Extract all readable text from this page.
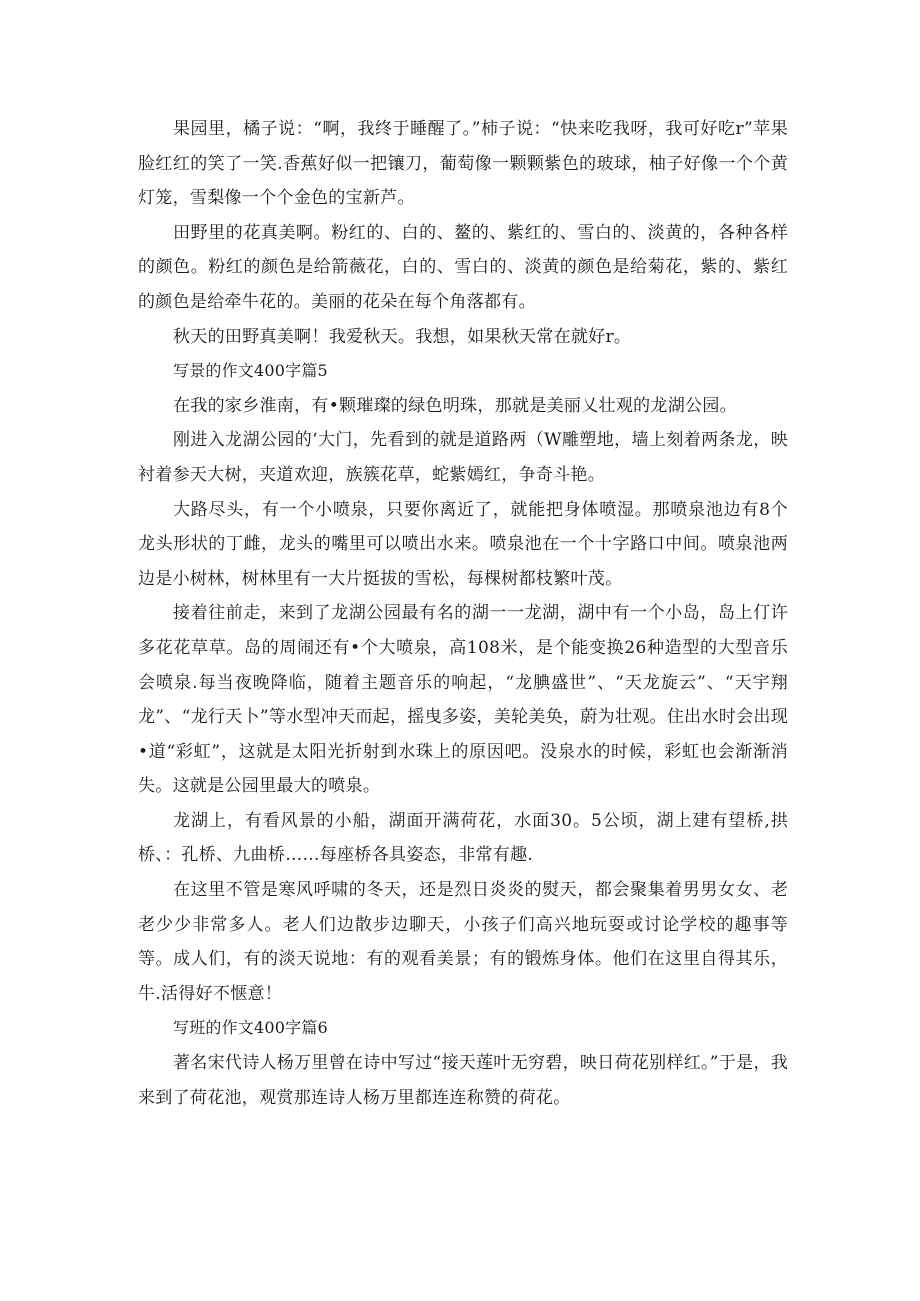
果园里，橘子说：“啊，我终于睡醒了。”柿子说：“快来吃我呀，我可好吃r”苹果脸红红的笑了一笑.香蕉好似一把镶刀，葡萄像一颗颗紫色的玻球，柚子好像一个个黄灯笼，雪梨像一个个金色的宝新芦。

田野里的花真美啊。粉红的、白的、鳌的、紫红的、雪白的、淡黄的，各种各样的颜色。粉红的颜色是给箭薇花，白的、雪白的、淡黄的颜色是给菊花，紫的、紫红的颜色是给牵牛花的。美丽的花朵在每个角落都有。

秋天的田野真美啊！我爱秋天。我想，如果秋天常在就好r。

写景的作文400字篇5

在我的家乡淮南，有•颗璀璨的绿色明珠，那就是美丽乂壮观的龙湖公园。

刚进入龙湖公园的‘大门，先看到的就是道路两（W雕塑地，墙上刻着两条龙，映衬着参天大树，夹道欢迎，族簇花草，蛇紫嫣红，争奇斗艳。

大路尽头，有一个小喷泉，只要你离近了，就能把身体喷湿。那喷泉池边有8个龙头形状的丁雌，龙头的嘴里可以喷出水来。喷泉池在一个十字路口中间。喷泉池两边是小树林，树林里有一大片挺拔的雪松，每棵树都枝繁叶茂。

接着往前走，来到了龙湖公园最有名的湖一一龙湖，湖中有一个小岛，岛上仃许多花花草草。岛的周闹还有•个大喷泉，高108米，是个能变换26种造型的大型音乐会喷泉.每当夜晚降临，随着主题音乐的响起，“龙腆盛世”、“天龙旋云”、“天宇翔龙”、“龙行天卜”等水型冲天而起，摇曳多姿，美轮美奂，蔚为壮观。住出水时会出现•道“彩虹”，这就是太阳光折射到水珠上的原因吧。没泉水的时候，彩虹也会渐渐消失。这就是公园里最大的喷泉。

龙湖上，有看风景的小船，湖面开满荷花，水面30。5公顷，湖上建有望桥,拱桥、：孔桥、九曲桥……每座桥各具姿态，非常有趣.

在这里不管是寒风呼啸的冬天，还是烈日炎炎的熨天，都会聚集着男男女女、老老少少非常多人。老人们边散步边聊天，小孩子们高兴地玩耍或讨论学校的趣事等等。成人们，有的淡天说地：有的观看美景；有的锻炼身体。他们在这里自得其乐，牛.活得好不惬意！

写班的作文400字篇6

著名宋代诗人杨万里曾在诗中写过“接天莲叶无穷碧，映日荷花别样红。”于是，我来到了荷花池，观赏那连诗人杨万里都连连称赞的荷花。
